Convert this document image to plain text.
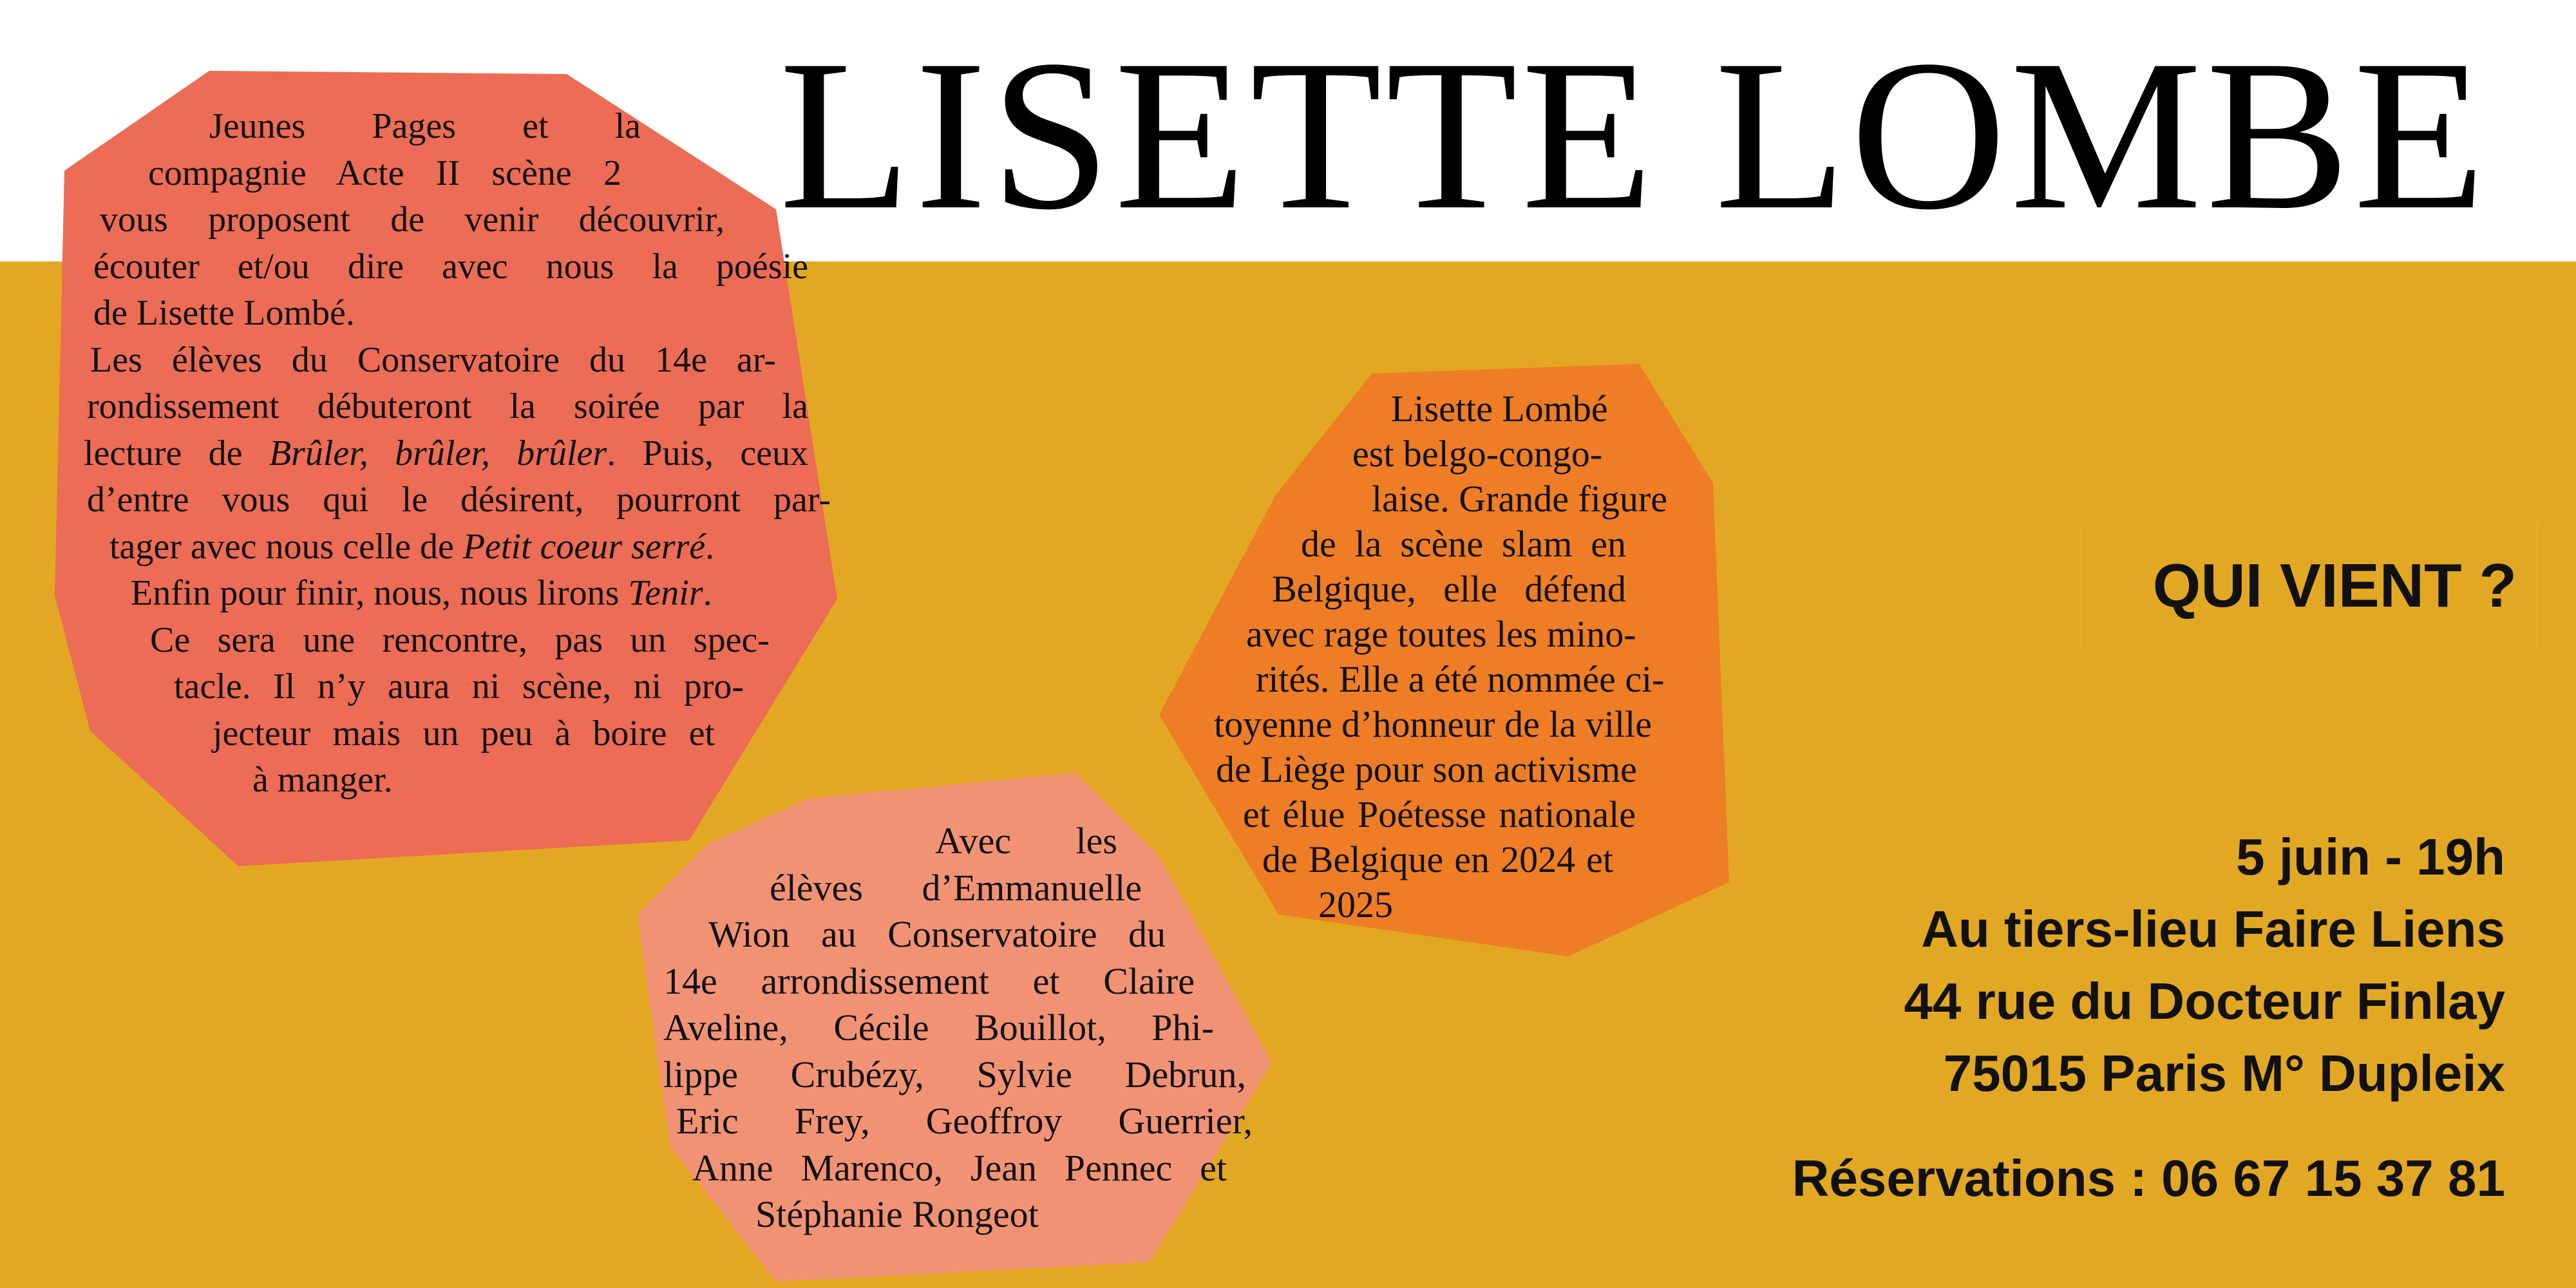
LISETTE LOMBE

Jeunes Pages et la

compagnie Acte II scène 2

vous proposent de venir découvrir,

écouter et/ou dire avec nous la poésie

de Lisette Lombé.

Les élèves du Conservatoire du 14e ar-

rondissement débuteront la soirée par la

lecture de Brûler, brûler, brûler. Puis, ceux

d’entre vous qui le désirent, pourront par-

tager avec nous celle de Petit coeur serré.

Enfin pour finir, nous, nous lirons Tenir.

Ce sera une rencontre, pas un spec-

tacle. Il n’y aura ni scène, ni pro-

jecteur mais un peu à boire et

à manger.

Avec les

élèves d’Emmanuelle

Wion au Conservatoire du

14e arrondissement et Claire

Aveline, Cécile Bouillot, Phi-

lippe Crubézy, Sylvie Debrun,

Eric Frey, Geoffroy Guerrier,

Anne Marenco, Jean Pennec et

Stéphanie Rongeot

Lisette Lombé

est belgo-congo-

laise. Grande figure

de la scène slam en

Belgique, elle défend

avec rage toutes les mino-

rités. Elle a été nommée ci-

toyenne d’honneur de la ville

de Liège pour son activisme

et élue Poétesse nationale

de Belgique en 2024 et

2025

QUI VIENT ?

5 juin - 19h

Au tiers-lieu Faire Liens

44 rue du Docteur Finlay

75015 Paris M° Dupleix

Réservations : 06 67 15 37 81
